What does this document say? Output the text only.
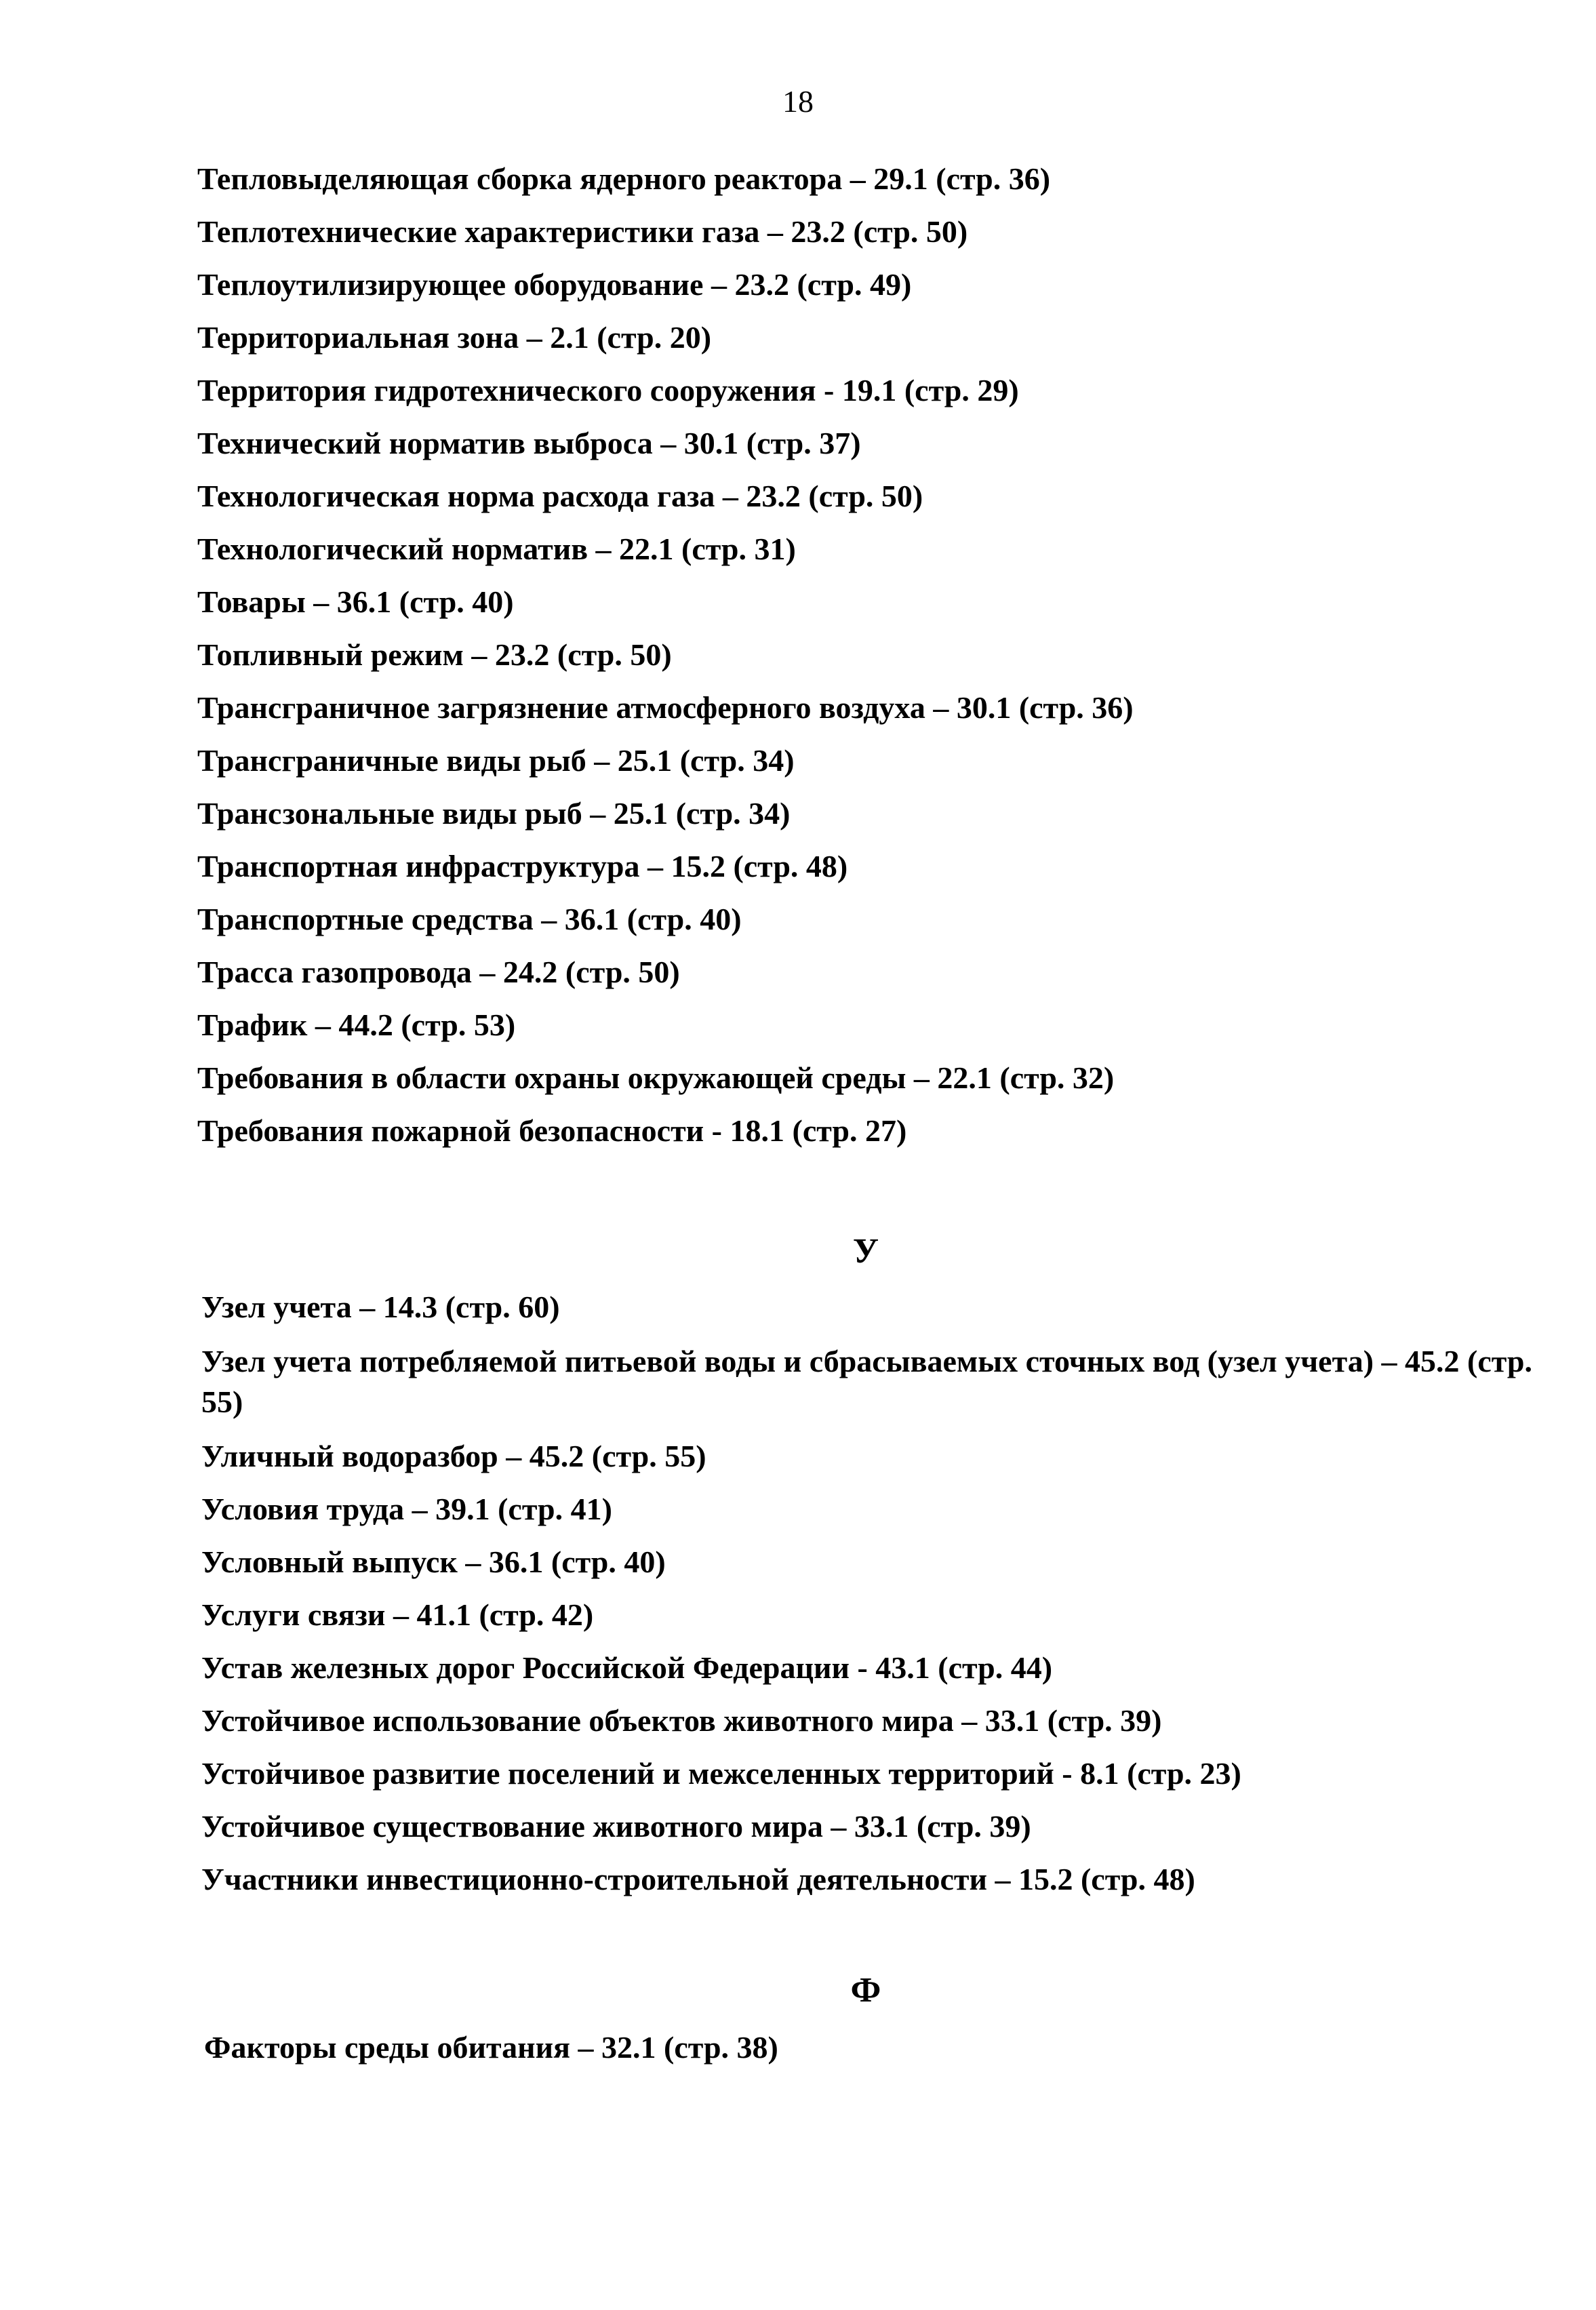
18
Тепловыделяющая сборка ядерного реактора – 29.1 (стр. 36)
Теплотехнические характеристики газа – 23.2 (стр. 50)
Теплоутилизирующее оборудование – 23.2 (стр. 49)
Территориальная зона – 2.1 (стр. 20)
Территория гидротехнического сооружения - 19.1 (стр. 29)
Технический норматив выброса – 30.1 (стр. 37)
Технологическая норма расхода газа – 23.2 (стр. 50)
Технологический норматив – 22.1 (стр. 31)
Товары – 36.1 (стр. 40)
Топливный режим – 23.2 (стр. 50)
Трансграничное загрязнение атмосферного воздуха – 30.1 (стр. 36)
Трансграничные виды рыб – 25.1 (стр. 34)
Трансзональные виды рыб – 25.1 (стр. 34)
Транспортная инфраструктура – 15.2 (стр. 48)
Транспортные средства – 36.1 (стр. 40)
Трасса газопровода – 24.2 (стр. 50)
Трафик – 44.2 (стр. 53)
Требования в области охраны окружающей среды – 22.1 (стр. 32)
Требования пожарной безопасности - 18.1 (стр. 27)
У
Узел учета – 14.3 (стр. 60)
Узел учета потребляемой питьевой воды и сбрасываемых сточных вод (узел учета) – 45.2 (стр. 55)
Уличный водоразбор – 45.2 (стр. 55)
Условия труда – 39.1 (стр. 41)
Условный выпуск – 36.1 (стр. 40)
Услуги связи – 41.1 (стр. 42)
Устав железных дорог Российской Федерации - 43.1 (стр. 44)
Устойчивое использование объектов животного мира – 33.1 (стр. 39)
Устойчивое развитие поселений и межселенных территорий - 8.1 (стр. 23)
Устойчивое существование животного мира – 33.1 (стр. 39)
Участники инвестиционно-строительной деятельности – 15.2 (стр. 48)
Ф
Факторы среды обитания – 32.1 (стр. 38)
